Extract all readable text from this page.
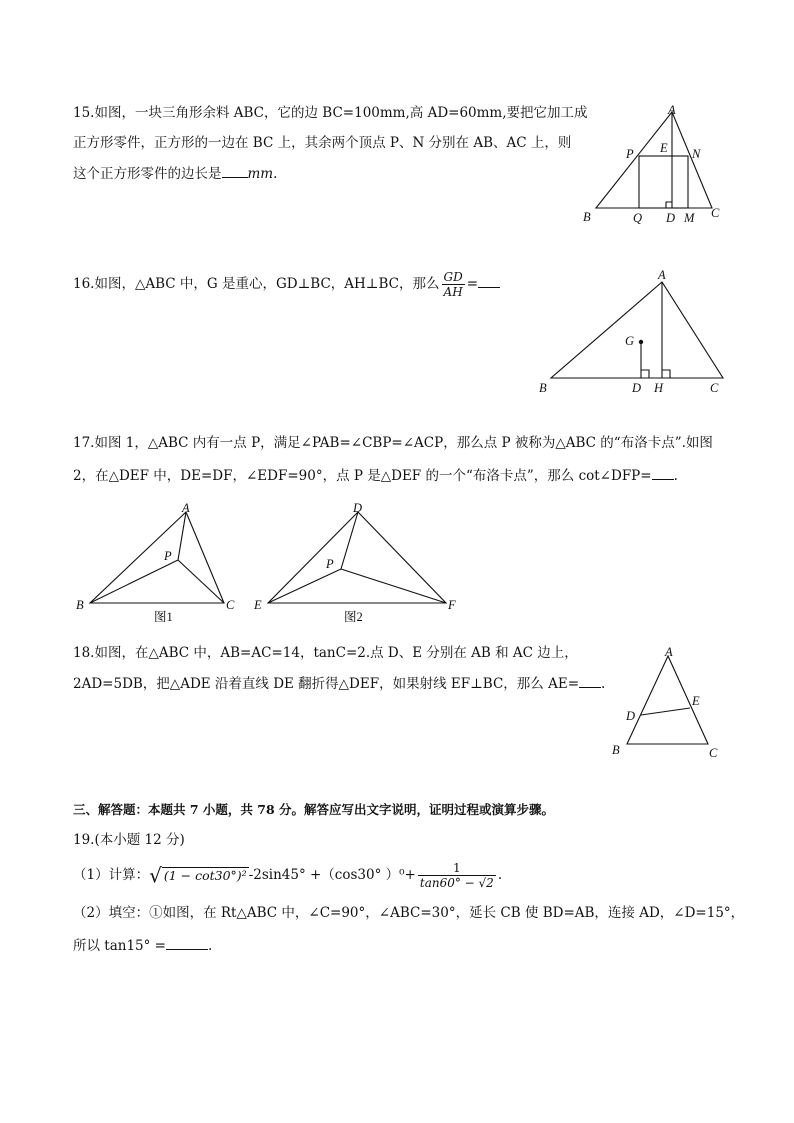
15.如图，一块三角形余料 ABC，它的边 BC=100mm,高 AD=60mm,要把它加工成
正方形零件，正方形的一边在 BC 上，其余两个顶点 P、N 分别在 AB、AC 上，则
这个正方形零件的边长是 mm.
A
B	C
P	N
E
Q D M
16.如图，△ABC 中，G 是重心，GD⊥BC，AH⊥BC，那么 $\frac{GD}{AH}$ =
A
B	C
G
D H
17.如图 1，△ABC 内有一点 P，满足∠PAB=∠CBP=∠ACP，那么点 P 被称为△ABC 的“布洛卡点”.如图
2，在△DEF 中，DE=DF，∠EDF=90°，点 P 是△DEF 的一个“布洛卡点”，那么 cot∠DFP= .
A
B	C
P
图1
D
E	F
P
图2
18.如图，在△ABC 中，AB=AC=14，tanC=2.点 D、E 分别在 AB 和 AC 边上，
2AD=5DB，把△ADE 沿着直线 DE 翻折得△DEF，如果射线 EF⊥BC，那么 AE= .
A
B	C
D
E
三、解答题：本题共 7 小题，共 78 分。解答应写出文字说明，证明过程或演算步骤。
19.(本小题 12 分)
（1）计算：√ (1 − cot30°)² -2sin45° +（cos30° ）$^0+ \frac{1}{\tan 60^\circ - √2}$ .
（2）填空：①如图，在 Rt△ABC 中，∠C=90°，∠ABC=30°，延长 CB 使 BD=AB，连接 AD，∠D=15°，
所以 tan15° =	.
